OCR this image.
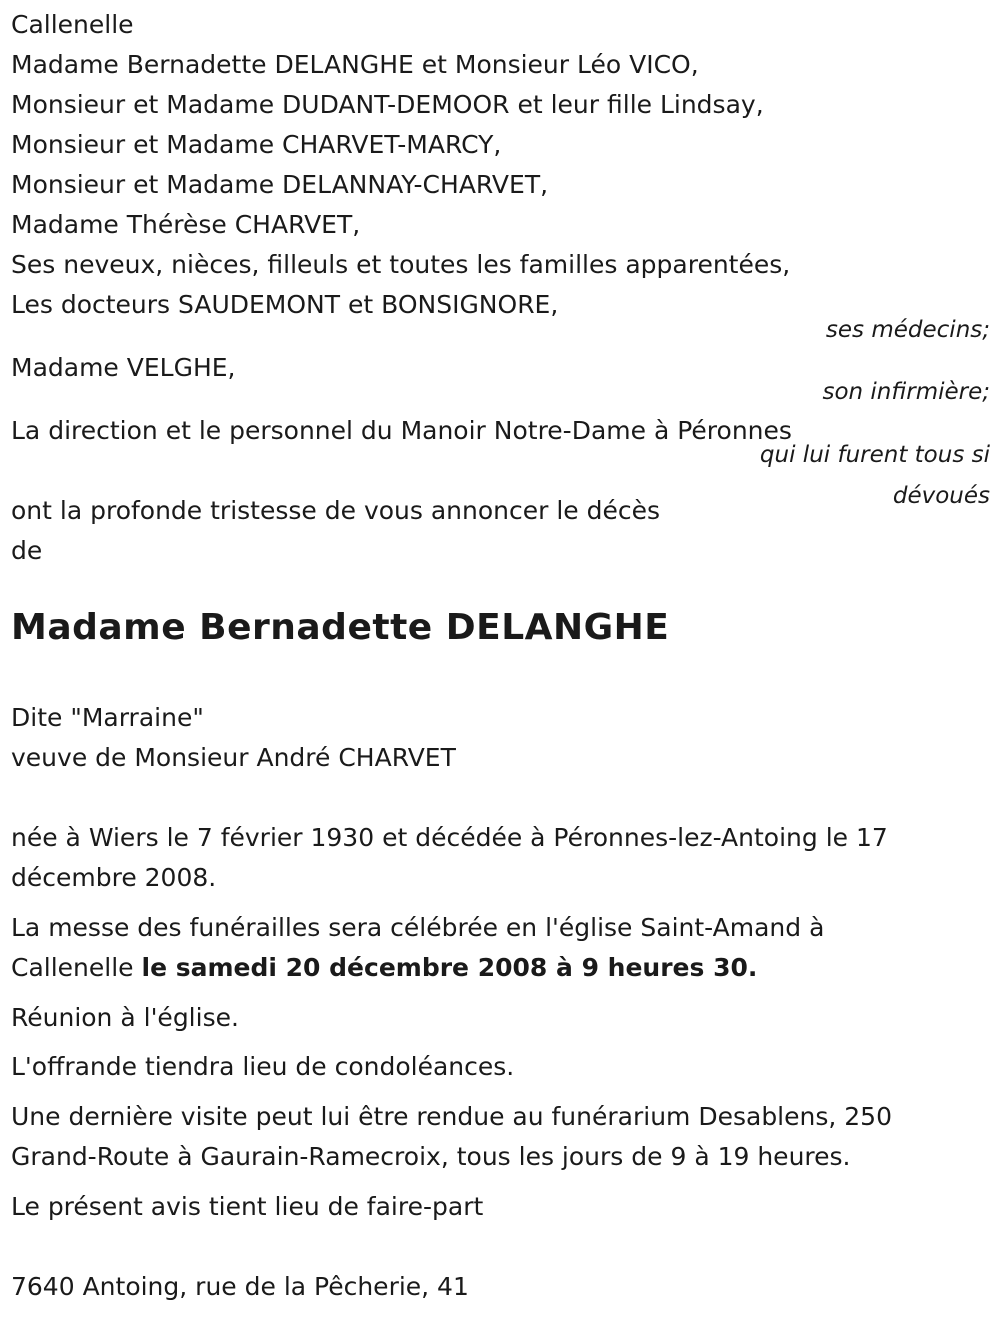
Callenelle
Madame Bernadette DELANGHE et Monsieur Léo VICO,
Monsieur et Madame DUDANT-DEMOOR et leur fille Lindsay,
Monsieur et Madame CHARVET-MARCY,
Monsieur et Madame DELANNAY-CHARVET,
Madame Thérèse CHARVET,
Ses neveux, nièces, filleuls et toutes les familles apparentées,
Les docteurs SAUDEMONT et BONSIGNORE,
ses médecins;
Madame VELGHE,
son infirmière;
La direction et le personnel du Manoir Notre-Dame à Péronnes
qui lui furent tous si
dévoués
ont la profonde tristesse de vous annoncer le décès
de
Madame Bernadette DELANGHE
Dite "Marraine"
veuve de Monsieur André CHARVET
née à Wiers le 7 février 1930 et décédée à Péronnes-lez-Antoing le 17
décembre 2008.
La messe des funérailles sera célébrée en l'église Saint-Amand à
Callenelle le samedi 20 décembre 2008 à 9 heures 30.
Réunion à l'église.
L'offrande tiendra lieu de condoléances.
Une dernière visite peut lui être rendue au funérarium Desablens, 250
Grand-Route à Gaurain-Ramecroix, tous les jours de 9 à 19 heures.
Le présent avis tient lieu de faire-part
7640 Antoing, rue de la Pêcherie, 41
